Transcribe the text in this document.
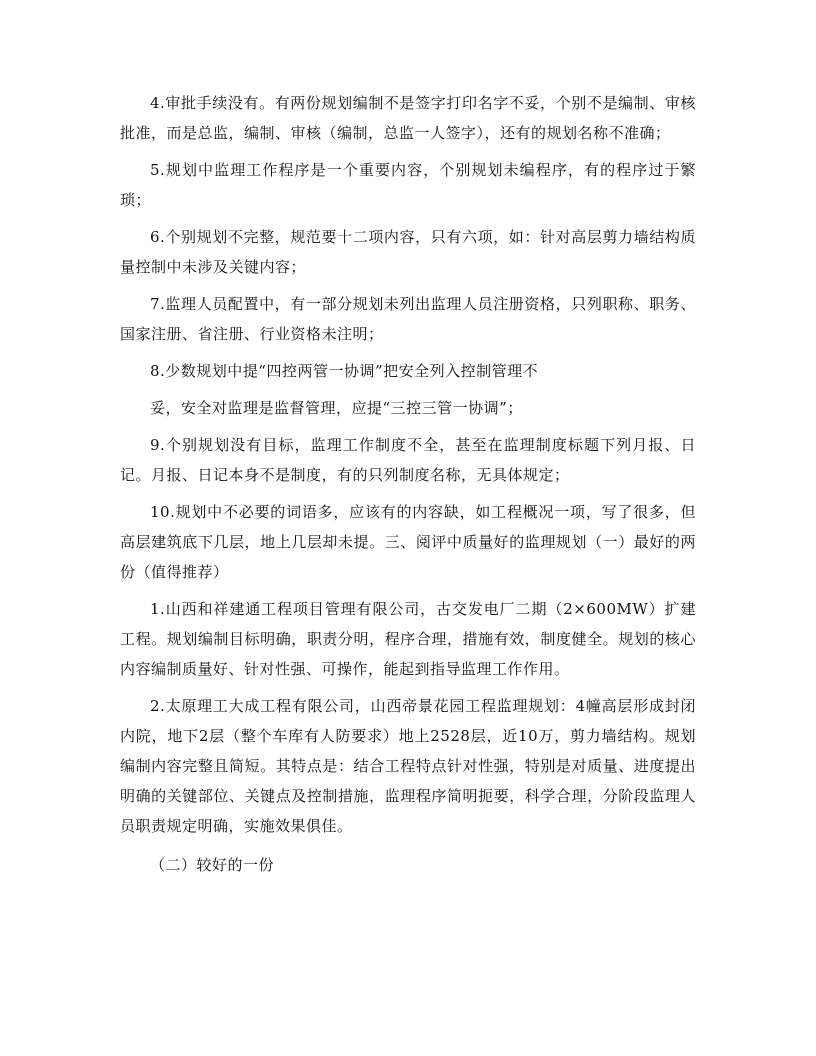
4.审批手续没有。有两份规划编制不是签字打印名字不妥，个别不是编制、审核批准，而是总监，编制、审核（编制，总监一人签字），还有的规划名称不准确；

5.规划中监理工作程序是一个重要内容，个别规划未编程序，有的程序过于繁琐；

6.个别规划不完整，规范要十二项内容，只有六项，如：针对高层剪力墙结构质量控制中未涉及关键内容；

7.监理人员配置中，有一部分规划未列出监理人员注册资格，只列职称、职务、国家注册、省注册、行业资格未注明；

8.少数规划中提“四控两管一协调”把安全列入控制管理不

妥，安全对监理是监督管理，应提“三控三管一协调”；

9.个别规划没有目标，监理工作制度不全，甚至在监理制度标题下列月报、日记。月报、日记本身不是制度，有的只列制度名称，无具体规定；

10.规划中不必要的词语多，应该有的内容缺，如工程概况一项，写了很多，但高层建筑底下几层，地上几层却未提。三、阅评中质量好的监理规划（一）最好的两份（值得推荐）

1.山西和祥建通工程项目管理有限公司，古交发电厂二期（2×600MW）扩建工程。规划编制目标明确，职责分明，程序合理，措施有效，制度健全。规划的核心内容编制质量好、针对性强、可操作，能起到指导监理工作作用。

2.太原理工大成工程有限公司，山西帝景花园工程监理规划：4幢高层形成封闭内院，地下2层（整个车库有人防要求）地上2528层，近10万，剪力墙结构。规划编制内容完整且简短。其特点是：结合工程特点针对性强，特别是对质量、进度提出明确的关键部位、关键点及控制措施，监理程序简明扼要，科学合理，分阶段监理人员职责规定明确，实施效果俱佳。

（二）较好的一份
